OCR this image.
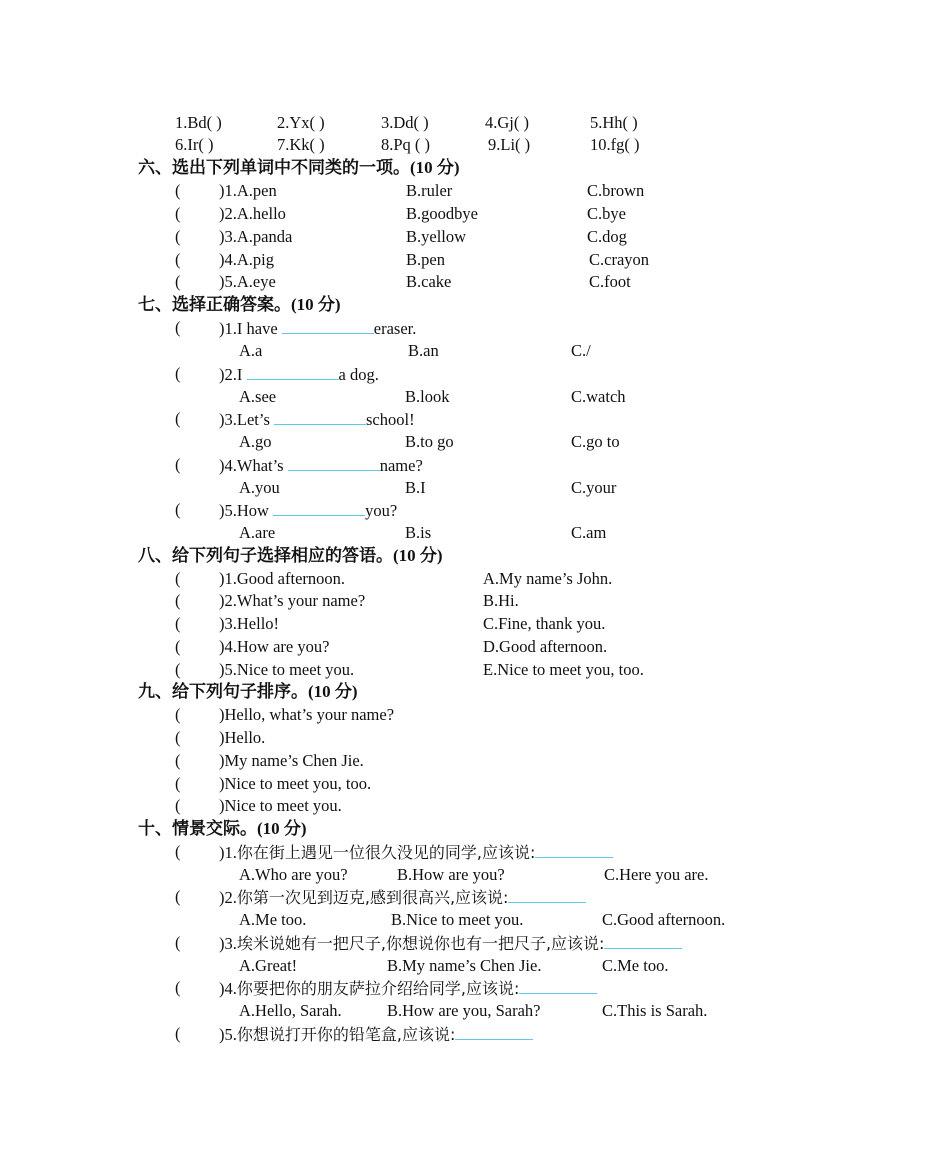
1.Bd( )	2.Yx( )	3.Dd( )	4.Gj( )	5.Hh( )
6.Ir( )	7.Kk( )	8.Pq ( )	9.Li( )	10.fg( )
六、选出下列单词中不同类的一项。(10 分)
( )1.A.pen	B.ruler	C.brown
( )2.A.hello	B.goodbye	C.bye
( )3.A.panda	B.yellow	C.dog
( )4.A.pig	B.pen	C.crayon
( )5.A.eye	B.cake	C.foot
七、选择正确答案。(10 分)
( )1.I have	eraser.
A.a	B.an	C./
( )2.I	a dog.
A.see	B.look	C.watch
( )3.Let’s	school!
A.go	B.to go	C.go to
( )4.What’s	name?
A.you	B.I	C.your
( )5.How	you?
A.are	B.is	C.am
八、给下列句子选择相应的答语。(10 分)
( )1.Good afternoon.	A.My name’s John.
( )2.What’s your name?	B.Hi.
( )3.Hello!	C.Fine, thank you.
( )4.How are you?	D.Good afternoon.
( )5.Nice to meet you.	E.Nice to meet you, too.
九、给下列句子排序。(10 分)
( )Hello, what’s your name?
( )Hello.
( )My name’s Chen Jie.
( )Nice to meet you, too.
( )Nice to meet you.
十、情景交际。(10 分)
( )1.你在街上遇见一位很久没见的同学,应该说:
A.Who are you?	B.How are you?	C.Here you are.
( )2.你第一次见到迈克,感到很高兴,应该说:
A.Me too.	B.Nice to meet you.	C.Good afternoon.
( )3.埃米说她有一把尺子,你想说你也有一把尺子,应该说:
A.Great!	B.My name’s Chen Jie.	C.Me too.
( )4.你要把你的朋友萨拉介绍给同学,应该说:
A.Hello, Sarah.	B.How are you, Sarah?	C.This is Sarah.
( )5.你想说打开你的铅笔盒,应该说:
